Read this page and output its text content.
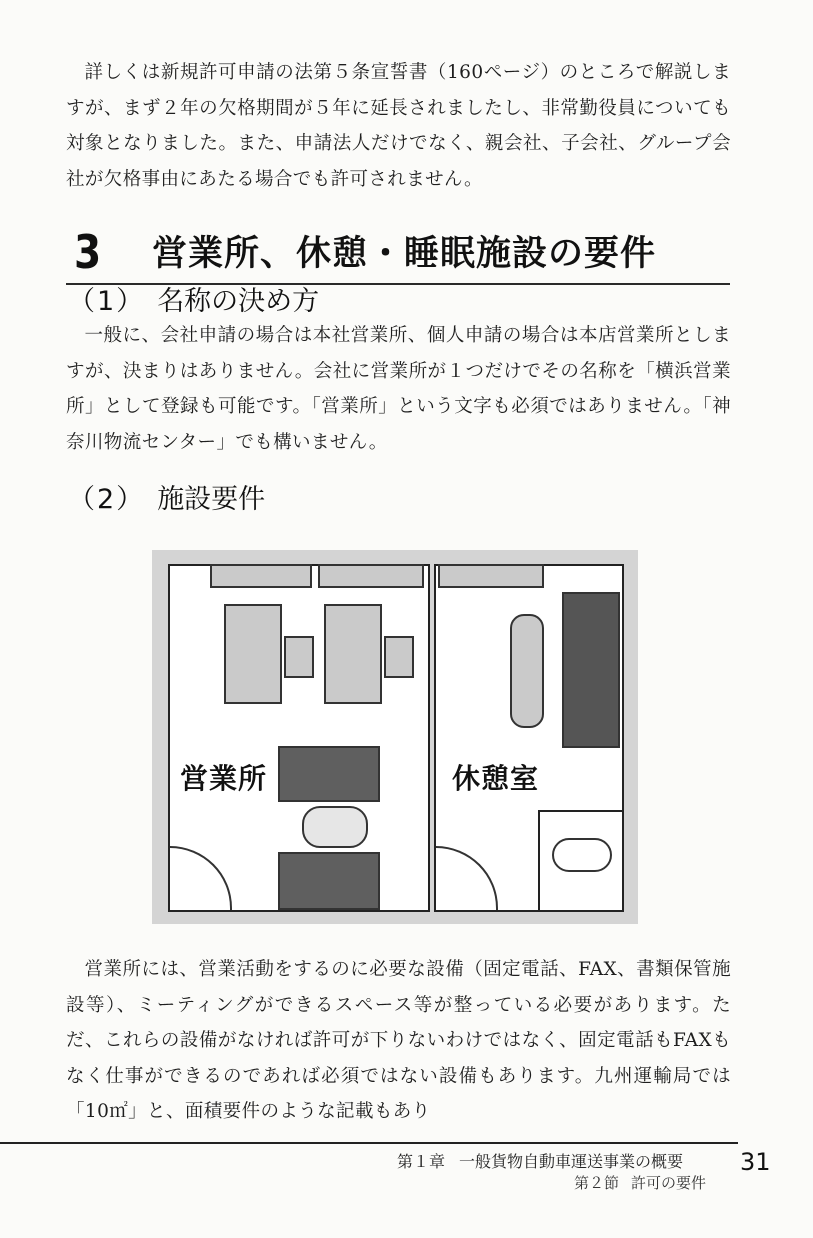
詳しくは新規許可申請の法第５条宣誓書（160ページ）のところで解説しますが、まず２年の欠格期間が５年に延長されましたし、非常勤役員についても対象となりました。また、申請法人だけでなく、親会社、子会社、グループ会社が欠格事由にあたる場合でも許可されません。

3 営業所、休憩・睡眠施設の要件
（1） 名称の決め方

一般に、会社申請の場合は本社営業所、個人申請の場合は本店営業所としますが、決まりはありません。会社に営業所が１つだけでその名称を「横浜営業所」として登録も可能です。「営業所」という文字も必須ではありません。「神奈川物流センター」でも構いません。

（2） 施設要件
営業所	休憩室

営業所には、営業活動をするのに必要な設備（固定電話、FAX、書類保管施設等）、ミーティングができるスペース等が整っている必要があります。ただ、これらの設備がなければ許可が下りないわけではなく、固定電話もFAXもなく仕事ができるのであれば必須ではない設備もあります。九州運輸局では「10㎡」と、面積要件のような記載もあり

第１章 一般貨物自動車運送事業の概要
第２節 許可の要件
31
